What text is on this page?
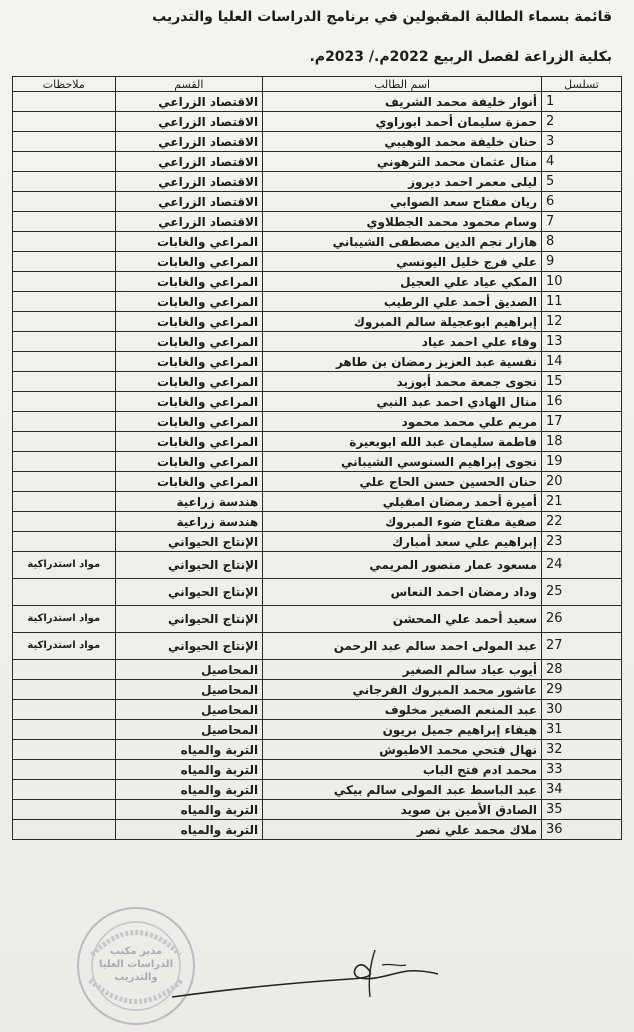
قائمة بسماء الطالبة المقبولين في برنامج الدراسات العليا والتدريب
بكلية الزراعة لفصل الربيع 2022م./ 2023م.
تسلسل	اسم الطالب	القسم	ملاحظات
1	أنوار خليفة محمد الشريف	الاقتصاد الزراعي	
2	حمزة سليمان أحمد ابوراوي	الاقتصاد الزراعي	
3	حنان خليفة محمد الوهيبي	الاقتصاد الزراعي	
4	منال عثمان محمد الترهوني	الاقتصاد الزراعي	
5	ليلى معمر احمد ديروز	الاقتصاد الزراعي	
6	ريان مفتاح سعد الصوابي	الاقتصاد الزراعي	
7	وسام محمود محمد الجطلاوي	الاقتصاد الزراعي	
8	هازار نجم الدين مصطفى الشيباني	المراعي والغابات	
9	علي فرج خليل اليونسي	المراعي والغابات	
10	المكي عياد علي العجيل	المراعي والغابات	
11	الصديق أحمد علي الرطيب	المراعي والغابات	
12	إبراهيم ابوعجيلة سالم المبروك	المراعي والغابات	
13	وفاء علي احمد عياد	المراعي والغابات	
14	نفسية عبد العزيز رمضان بن طاهر	المراعي والغابات	
15	نجوى جمعة محمد أبوزيد	المراعي والغابات	
16	منال الهادي احمد عبد النبي	المراعي والغابات	
17	مريم علي محمد محمود	المراعي والغابات	
18	فاطمة سليمان عبد الله ابوبعيرة	المراعي والغابات	
19	نجوى إبراهيم السنوسي الشيباني	المراعي والغابات	
20	حنان الحسين حسن الحاج علي	المراعي والغابات	
21	أميرة أحمد رمضان امقيلي	هندسة زراعية	
22	صفية مفتاح ضوء المبروك	هندسة زراعية	
23	إبراهيم علي سعد أمبارك	الإنتاج الحيواني	
24	مسعود عمار منصور المريمي	الإنتاج الحيواني	مواد استدراكية
25	وداد رمضان احمد النعاس	الإنتاج الحيواني	
26	سعيد أحمد علي المحشن	الإنتاج الحيواني	مواد استدراكية
27	عبد المولى احمد سالم عبد الرحمن	الإنتاج الحيواني	مواد استدراكية
28	أيوب عياد سالم الصغير	المحاصيل	
29	عاشور محمد المبروك الفرجاني	المحاصيل	
30	عبد المنعم الصغير مخلوف	المحاصيل	
31	هيفاء إبراهيم جميل بريون	المحاصيل	
32	نهال فتحي محمد الاطيوش	التربة والمياه	
33	محمد ادم فتح الباب	التربة والمياه	
34	عبد الباسط عبد المولى سالم بيكي	التربة والمياه	
35	الصادق الأمين بن صويد	التربة والمياه	
36	ملاك محمد علي نصر	التربة والمياه	
مدير مكتب الدراسات العليا والتدريب
